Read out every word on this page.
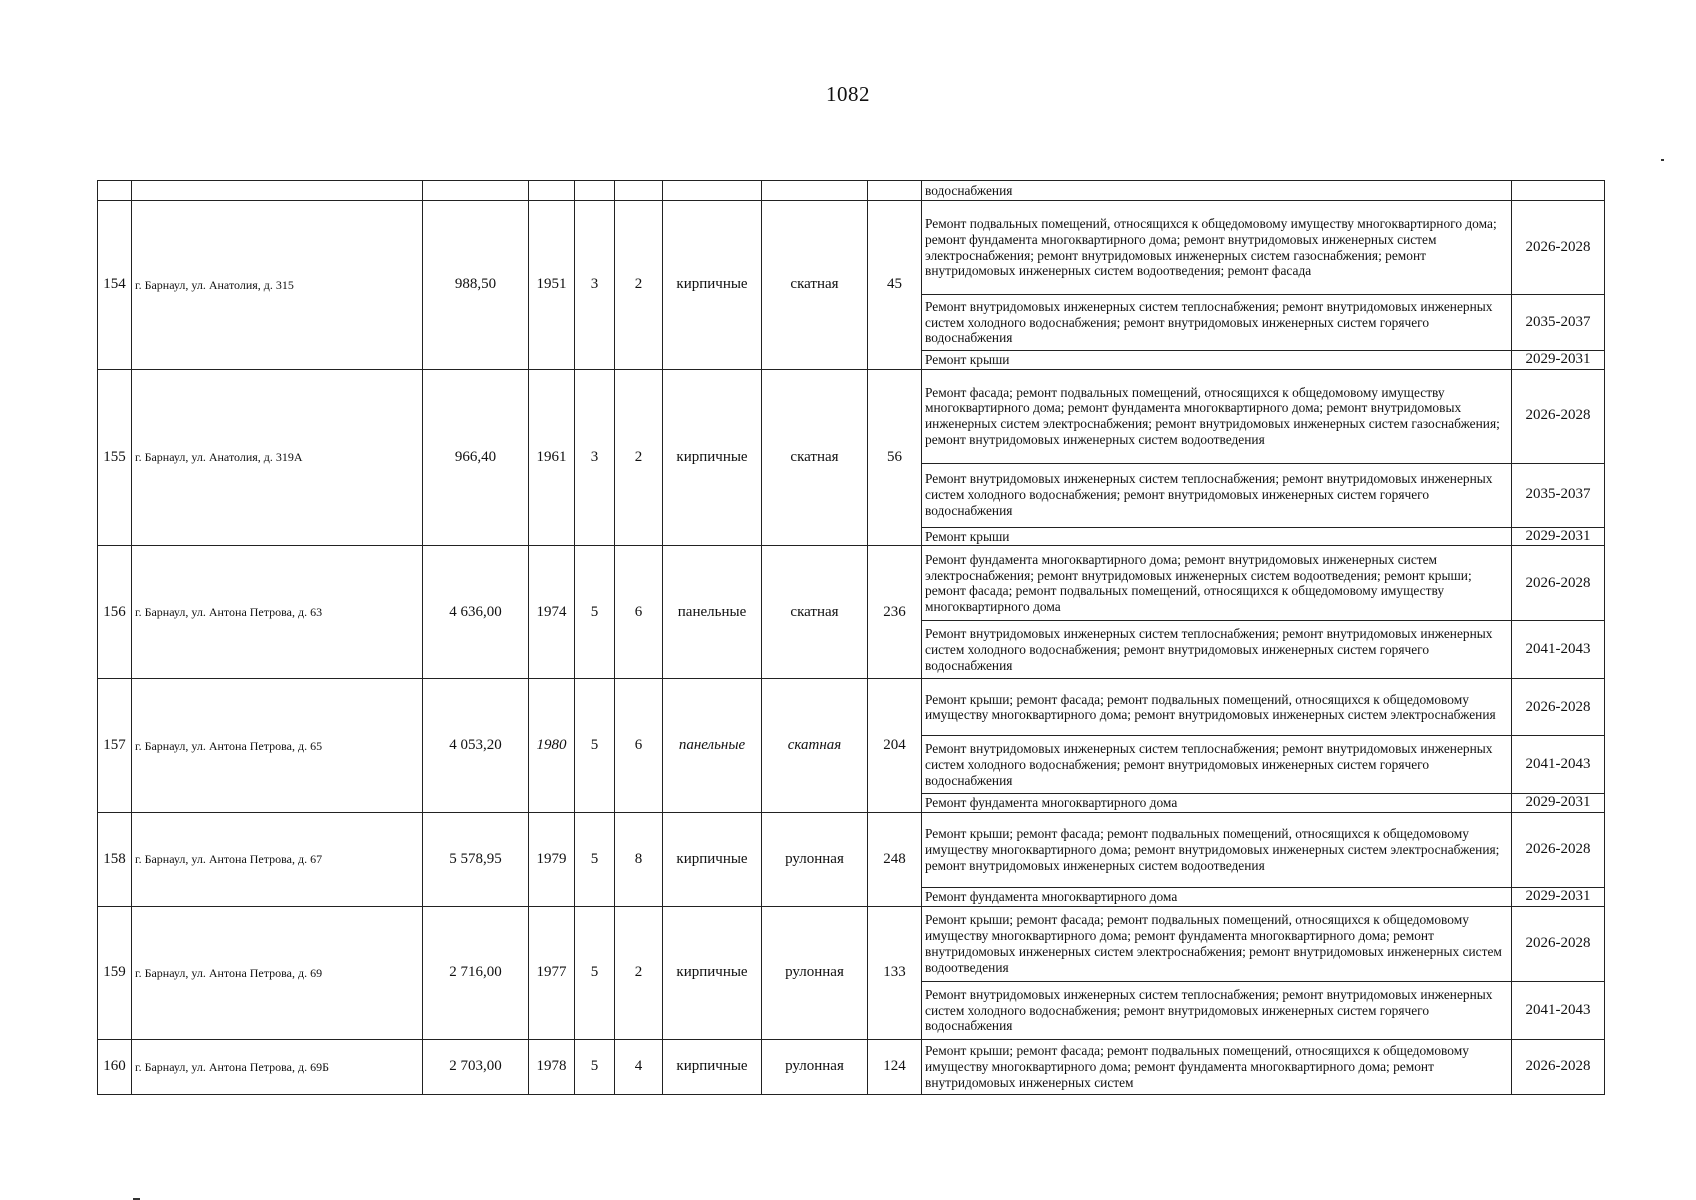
1082
									водоснабжения	
154	г. Барнаул, ул. Анатолия, д. 315	988,50	1951	3	2	кирпичные	скатная	45	Ремонт подвальных помещений, относящихся к общедомовому имуществу многоквартирного дома; ремонт фундамента многоквартирного дома; ремонт внутридомовых инженерных систем электроснабжения; ремонт внутридомовых инженерных систем газоснабжения; ремонт внутридомовых инженерных систем водоотведения; ремонт фасада	2026-2028
									Ремонт внутридомовых инженерных систем теплоснабжения; ремонт внутридомовых инженерных систем холодного водоснабжения; ремонт внутридомовых инженерных систем горячего водоснабжения	2035-2037
									Ремонт крыши	2029-2031
155	г. Барнаул, ул. Анатолия, д. 319А	966,40	1961	3	2	кирпичные	скатная	56	Ремонт фасада; ремонт подвальных помещений, относящихся к общедомовому имуществу многоквартирного дома; ремонт фундамента многоквартирного дома; ремонт внутридомовых инженерных систем электроснабжения; ремонт внутридомовых инженерных систем газоснабжения; ремонт внутридомовых инженерных систем водоотведения	2026-2028
									Ремонт внутридомовых инженерных систем теплоснабжения; ремонт внутридомовых инженерных систем холодного водоснабжения; ремонт внутридомовых инженерных систем горячего водоснабжения	2035-2037
									Ремонт крыши	2029-2031
156	г. Барнаул, ул. Антона Петрова, д. 63	4 636,00	1974	5	6	панельные	скатная	236	Ремонт фундамента многоквартирного дома; ремонт внутридомовых инженерных систем электроснабжения; ремонт внутридомовых инженерных систем водоотведения; ремонт крыши; ремонт фасада; ремонт подвальных помещений, относящихся к общедомовому имуществу многоквартирного дома	2026-2028
									Ремонт внутридомовых инженерных систем теплоснабжения; ремонт внутридомовых инженерных систем холодного водоснабжения; ремонт внутридомовых инженерных систем горячего водоснабжения	2041-2043
157	г. Барнаул, ул. Антона Петрова, д. 65	4 053,20	1980	5	6	панельные	скатная	204	Ремонт крыши; ремонт фасада; ремонт подвальных помещений, относящихся к общедомовому имуществу многоквартирного дома; ремонт внутридомовых инженерных систем электроснабжения	2026-2028
									Ремонт внутридомовых инженерных систем теплоснабжения; ремонт внутридомовых инженерных систем холодного водоснабжения; ремонт внутридомовых инженерных систем горячего водоснабжения	2041-2043
									Ремонт фундамента многоквартирного дома	2029-2031
158	г. Барнаул, ул. Антона Петрова, д. 67	5 578,95	1979	5	8	кирпичные	рулонная	248	Ремонт крыши; ремонт фасада; ремонт подвальных помещений, относящихся к общедомовому имуществу многоквартирного дома; ремонт внутридомовых инженерных систем электроснабжения; ремонт внутридомовых инженерных систем водоотведения	2026-2028
									Ремонт фундамента многоквартирного дома	2029-2031
159	г. Барнаул, ул. Антона Петрова, д. 69	2 716,00	1977	5	2	кирпичные	рулонная	133	Ремонт крыши; ремонт фасада; ремонт подвальных помещений, относящихся к общедомовому имуществу многоквартирного дома; ремонт фундамента многоквартирного дома; ремонт внутридомовых инженерных систем электроснабжения; ремонт внутридомовых инженерных систем водоотведения	2026-2028
									Ремонт внутридомовых инженерных систем теплоснабжения; ремонт внутридомовых инженерных систем холодного водоснабжения; ремонт внутридомовых инженерных систем горячего водоснабжения	2041-2043
160	г. Барнаул, ул. Антона Петрова, д. 69Б	2 703,00	1978	5	4	кирпичные	рулонная	124	Ремонт крыши; ремонт фасада; ремонт подвальных помещений, относящихся к общедомовому имуществу многоквартирного дома; ремонт фундамента многоквартирного дома; ремонт внутридомовых инженерных систем	2026-2028
